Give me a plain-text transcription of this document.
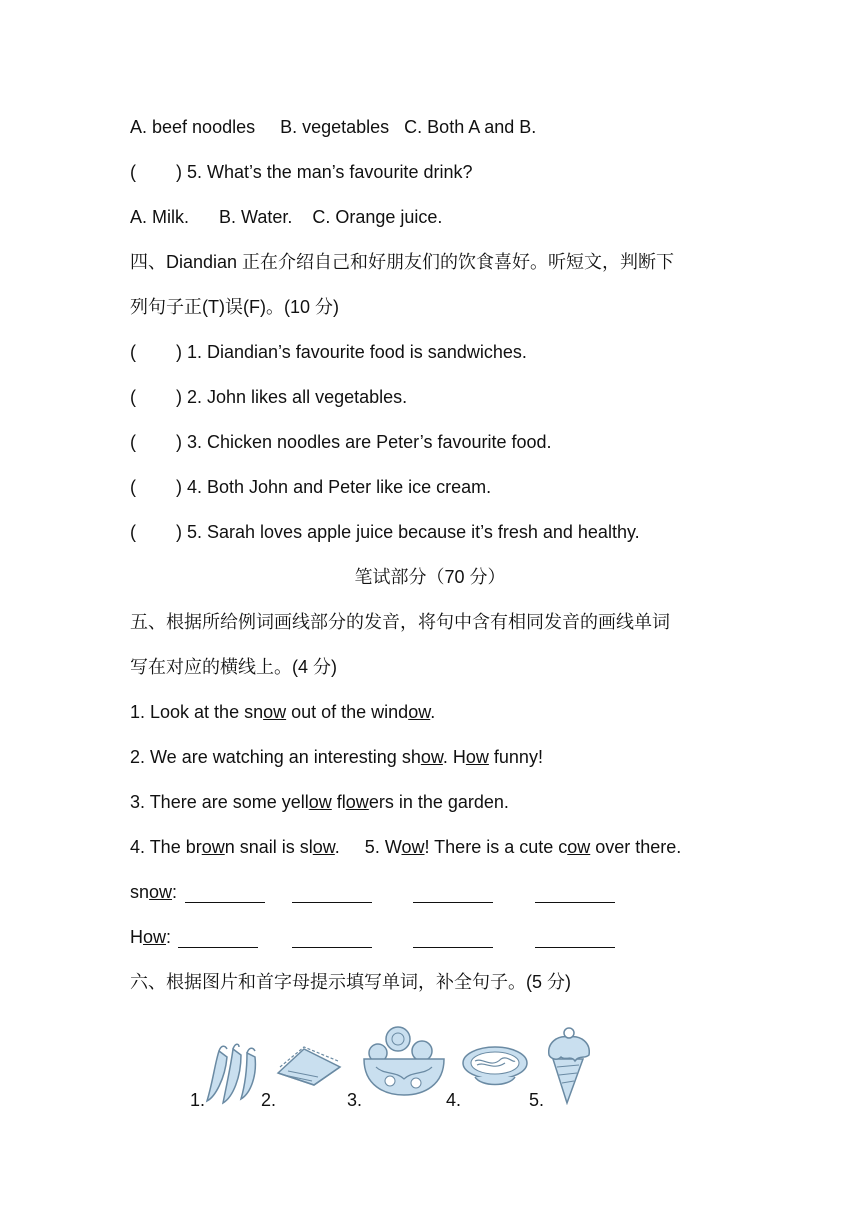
A. beef noodles     B. vegetables   C. Both A and B.
(        ) 5. What’s the man’s favourite drink?
A. Milk.      B. Water.    C. Orange juice.
四、Diandian 正在介绍自己和好朋友们的饮食喜好。听短文，判断下
列句子正(T)误(F)。(10 分)
(        ) 1. Diandian’s favourite food is sandwiches.
(        ) 2. John likes all vegetables.
(        ) 3. Chicken noodles are Peter’s favourite food.
(        ) 4. Both John and Peter like ice cream.
(        ) 5. Sarah loves apple juice because it’s fresh and healthy.
笔试部分（70 分）
五、根据所给例词画线部分的发音，将句中含有相同发音的画线单词
写在对应的横线上。(4 分)
1. Look at the snow out of the window.
2. We are watching an interesting show. How funny!
3. There are some yellow flowers in the garden.
4. The brown snail is slow.     5. Wow! There is a cute cow over there.
snow:
How:
六、根据图片和首字母提示填写单词，补全句子。(5 分)
1.	2.	3.	4.	5.
